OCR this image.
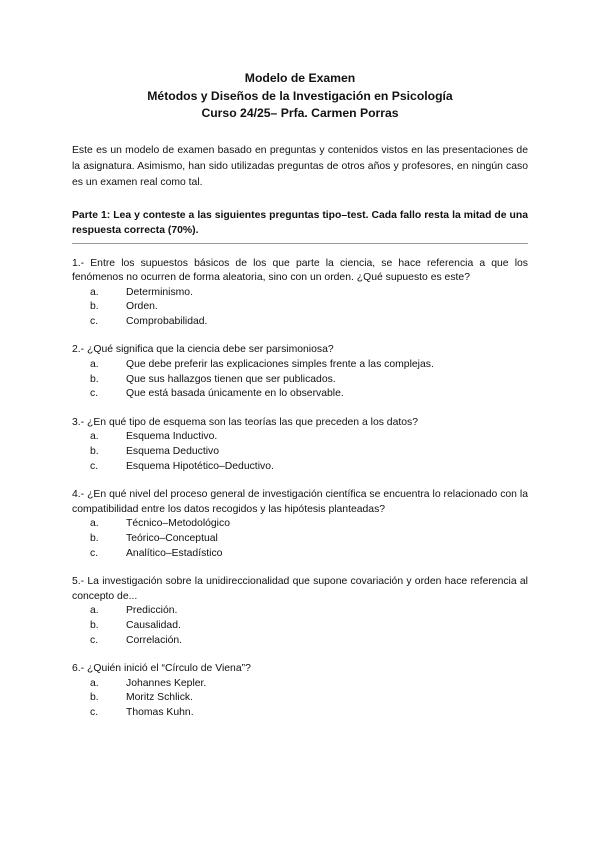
Modelo de Examen
Métodos y Diseños de la Investigación en Psicología
Curso 24/25– Prfa. Carmen Porras
Este es un modelo de examen basado en preguntas y contenidos vistos en las presentaciones de la asignatura. Asimismo, han sido utilizadas preguntas de otros años y profesores, en ningún caso es un examen real como tal.
Parte 1: Lea y conteste a las siguientes preguntas tipo–test. Cada fallo resta la mitad de una respuesta correcta (70%).
1.- Entre los supuestos básicos de los que parte la ciencia, se hace referencia a que los fenómenos no ocurren de forma aleatoria, sino con un orden. ¿Qué supuesto es este?
a.	Determinismo.
b.	Orden.
c.	Comprobabilidad.
2.- ¿Qué significa que la ciencia debe ser parsimoniosa?
a.	Que debe preferir las explicaciones simples frente a las complejas.
b.	Que sus hallazgos tienen que ser publicados.
c.	Que está basada únicamente en lo observable.
3.- ¿En qué tipo de esquema son las teorías las que preceden a los datos?
a.	Esquema Inductivo.
b.	Esquema Deductivo
c.	Esquema Hipotético–Deductivo.
4.- ¿En qué nivel del proceso general de investigación científica se encuentra lo relacionado con la compatibilidad entre los datos recogidos y las hipótesis planteadas?
a.	Técnico–Metodológico
b.	Teórico–Conceptual
c.	Analítico–Estadístico
5.- La investigación sobre la unidireccionalidad que supone covariación y orden hace referencia al concepto de...
a.	Predicción.
b.	Causalidad.
c.	Correlación.
6.- ¿Quién inició el “Círculo de Viena”?
a.	Johannes Kepler.
b.	Moritz Schlick.
c.	Thomas Kuhn.
